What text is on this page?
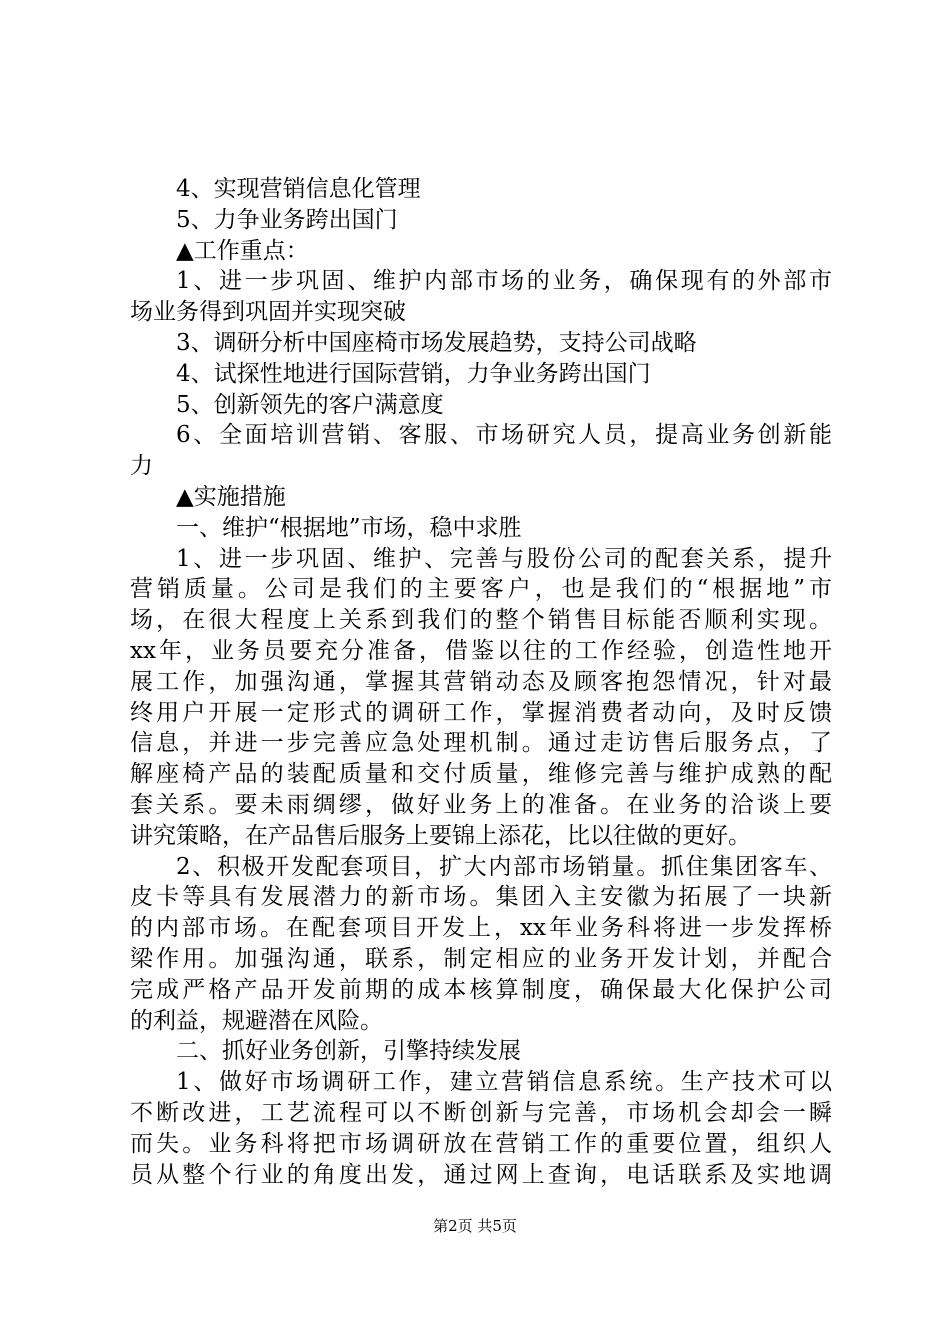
4、实现营销信息化管理
5、力争业务跨出国门
▲工作重点：
1、进一步巩固、维护内部市场的业务，确保现有的外部市
场业务得到巩固并实现突破
3、调研分析中国座椅市场发展趋势，支持公司战略
4、试探性地进行国际营销，力争业务跨出国门
5、创新领先的客户满意度
6、全面培训营销、客服、市场研究人员，提高业务创新能
力
▲实施措施
一、维护“根据地”市场，稳中求胜
1、进一步巩固、维护、完善与股份公司的配套关系，提升
营销质量。公司是我们的主要客户，也是我们的“根据地”市
场，在很大程度上关系到我们的整个销售目标能否顺利实现。
xx年，业务员要充分准备，借鉴以往的工作经验，创造性地开
展工作，加强沟通，掌握其营销动态及顾客抱怨情况，针对最
终用户开展一定形式的调研工作，掌握消费者动向，及时反馈
信息，并进一步完善应急处理机制。通过走访售后服务点，了
解座椅产品的装配质量和交付质量，维修完善与维护成熟的配
套关系。要未雨绸缪，做好业务上的准备。在业务的洽谈上要
讲究策略，在产品售后服务上要锦上添花，比以往做的更好。
2、积极开发配套项目，扩大内部市场销量。抓住集团客车、
皮卡等具有发展潜力的新市场。集团入主安徽为拓展了一块新
的内部市场。在配套项目开发上，xx年业务科将进一步发挥桥
梁作用。加强沟通，联系，制定相应的业务开发计划，并配合
完成严格产品开发前期的成本核算制度，确保最大化保护公司
的利益，规避潜在风险。
二、抓好业务创新，引擎持续发展
1、做好市场调研工作，建立营销信息系统。生产技术可以
不断改进，工艺流程可以不断创新与完善，市场机会却会一瞬
而失。业务科将把市场调研放在营销工作的重要位置，组织人
员从整个行业的角度出发，通过网上查询，电话联系及实地调
第2页 共5页
